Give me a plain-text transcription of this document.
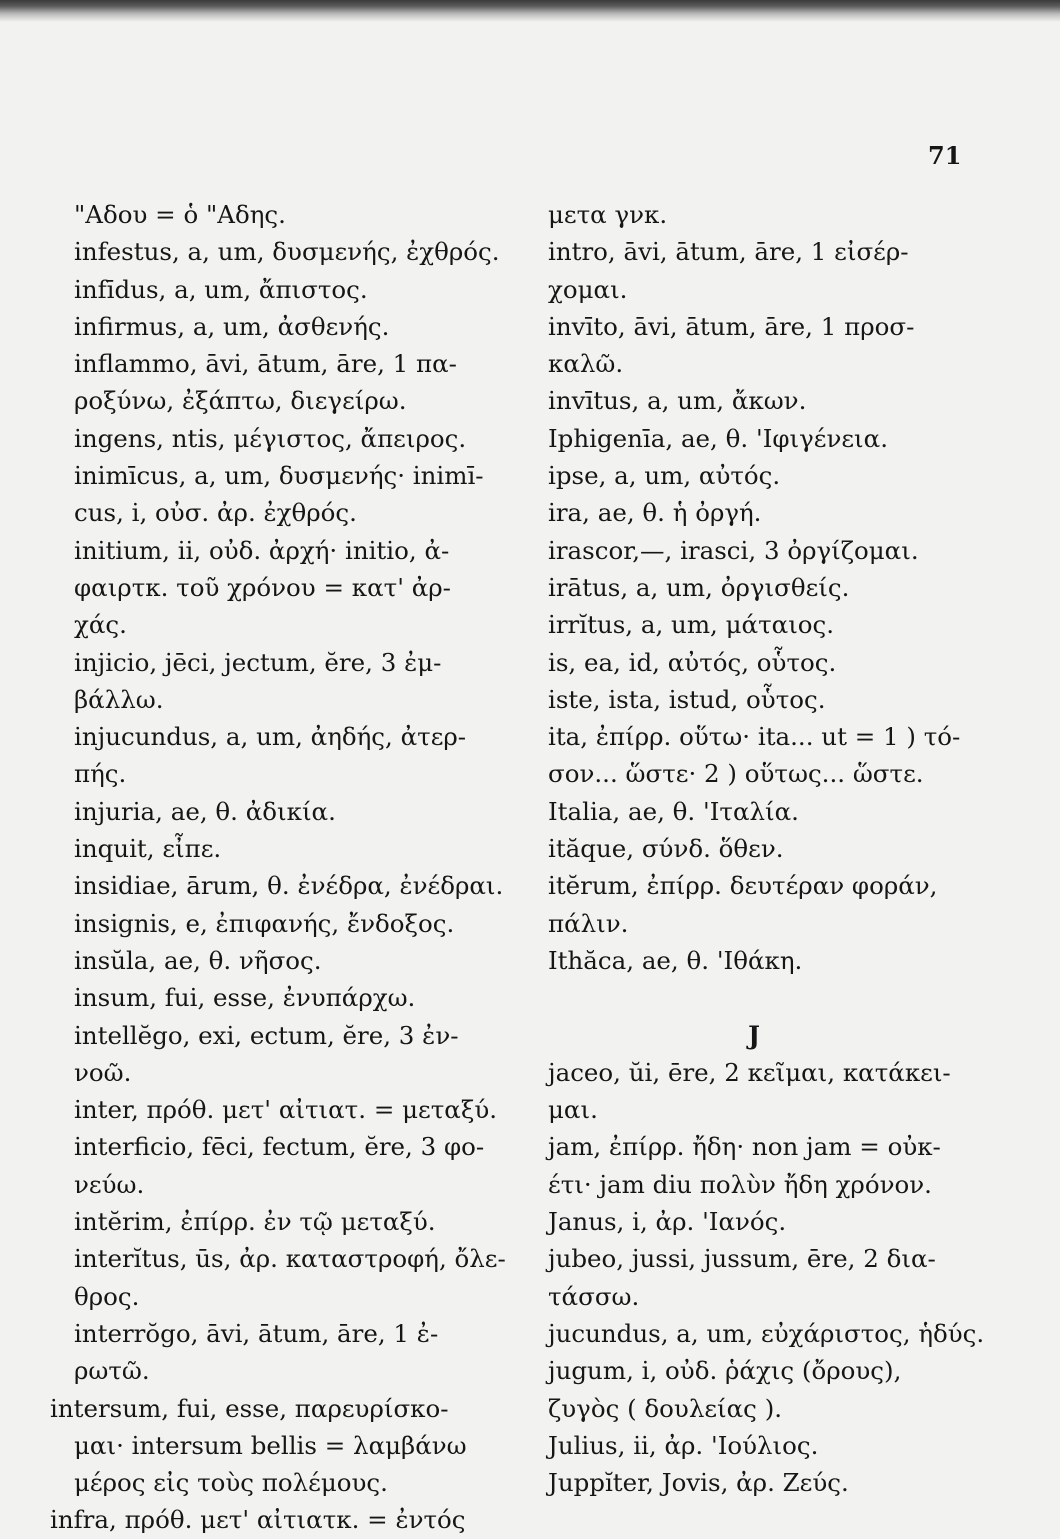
71
"Αδου = ὁ "Αδης.
infestus, a, um, δυσμενής, ἐχθρός.
infīdus, a, um, ἄπιστος.
infirmus, a, um, ἀσθενής.
inflammo, āvi, ātum, āre, 1 πα-
ροξύνω, ἐξάπτω, διεγείρω.
ingens, ntis, μέγιστος, ἄπειρος.
inimīcus, a, um, δυσμενής· inimī-
cus, i, οὐσ. ἀρ. ἐχθρός.
initium, ii, οὐδ. ἀρχή· initio, ἀ-
φαιρτκ. τοῦ χρόνου = κατ' ἀρ-
χάς.
injicio, jēci, jectum, ĕre, 3 ἐμ-
βάλλω.
injucundus, a, um, ἀηδής, ἀτερ-
πής.
injuria, ae, θ. ἀδικία.
inquit, εἶπε.
insidiae, ārum, θ. ἐνέδρα, ἐνέδραι.
insignis, e, ἐπιφανής, ἔνδοξος.
insŭla, ae, θ. νῆσος.
insum, fui, esse, ἐνυπάρχω.
intellĕgo, exi, ectum, ĕre, 3 ἐν-
νοῶ.
inter, πρόθ. μετ' αἰτιατ. = μεταξύ.
interficio, fēci, fectum, ĕre, 3 φο-
νεύω.
intĕrim, ἐπίρρ. ἐν τῷ μεταξύ.
interĭtus, ūs, ἀρ. καταστροφή, ὄλε-
θρος.
interrŏgo, āvi, ātum, āre, 1 ἐ-
ρωτῶ.
intersum, fui, esse, παρευρίσκο-
μαι· intersum bellis = λαμβάνω
μέρος εἰς τοὺς πολέμους.
infra, πρόθ. μετ' αἰτιατκ. = ἐντός
μετα γνκ.
intro, āvi, ātum, āre, 1 εἰσέρ-
χομαι.
invīto, āvi, ātum, āre, 1 προσ-
καλῶ.
invītus, a, um, ἄκων.
Iphigenīa, ae, θ. 'Ιφιγένεια.
ipse, a, um, αὐτός.
ira, ae, θ. ἡ ὀργή.
irascor,—, irasci, 3 ὀργίζομαι.
irātus, a, um, ὀργισθείς.
irrĭtus, a, um, μάταιος.
is, ea, id, αὐτός, οὗτος.
iste, ista, istud, οὗτος.
ita, ἐπίρρ. οὕτω· ita... ut = 1 ) τό-
σον... ὥστε· 2 ) οὕτως... ὥστε.
Italia, ae, θ. 'Ιταλία.
ităque, σύνδ. ὅθεν.
itĕrum, ἐπίρρ. δευτέραν φοράν,
πάλιν.
Ithăca, ae, θ. 'Ιθάκη.
J
jaceo, ŭi, ēre, 2 κεῖμαι, κατάκει-
μαι.
jam, ἐπίρρ. ἤδη· non jam = οὐκ-
έτι· jam diu πολὺν ἤδη χρόνον.
Janus, i, ἀρ. 'Ιανός.
jubeo, jussi, jussum, ēre, 2 δια-
τάσσω.
jucundus, a, um, εὐχάριστος, ἡδύς.
jugum, i, οὐδ. ῥάχις (ὄρους),
ζυγὸς ( δουλείας ).
Julius, ii, ἀρ. 'Ιούλιος.
Juppĭter, Jovis, ἀρ. Ζεύς.
